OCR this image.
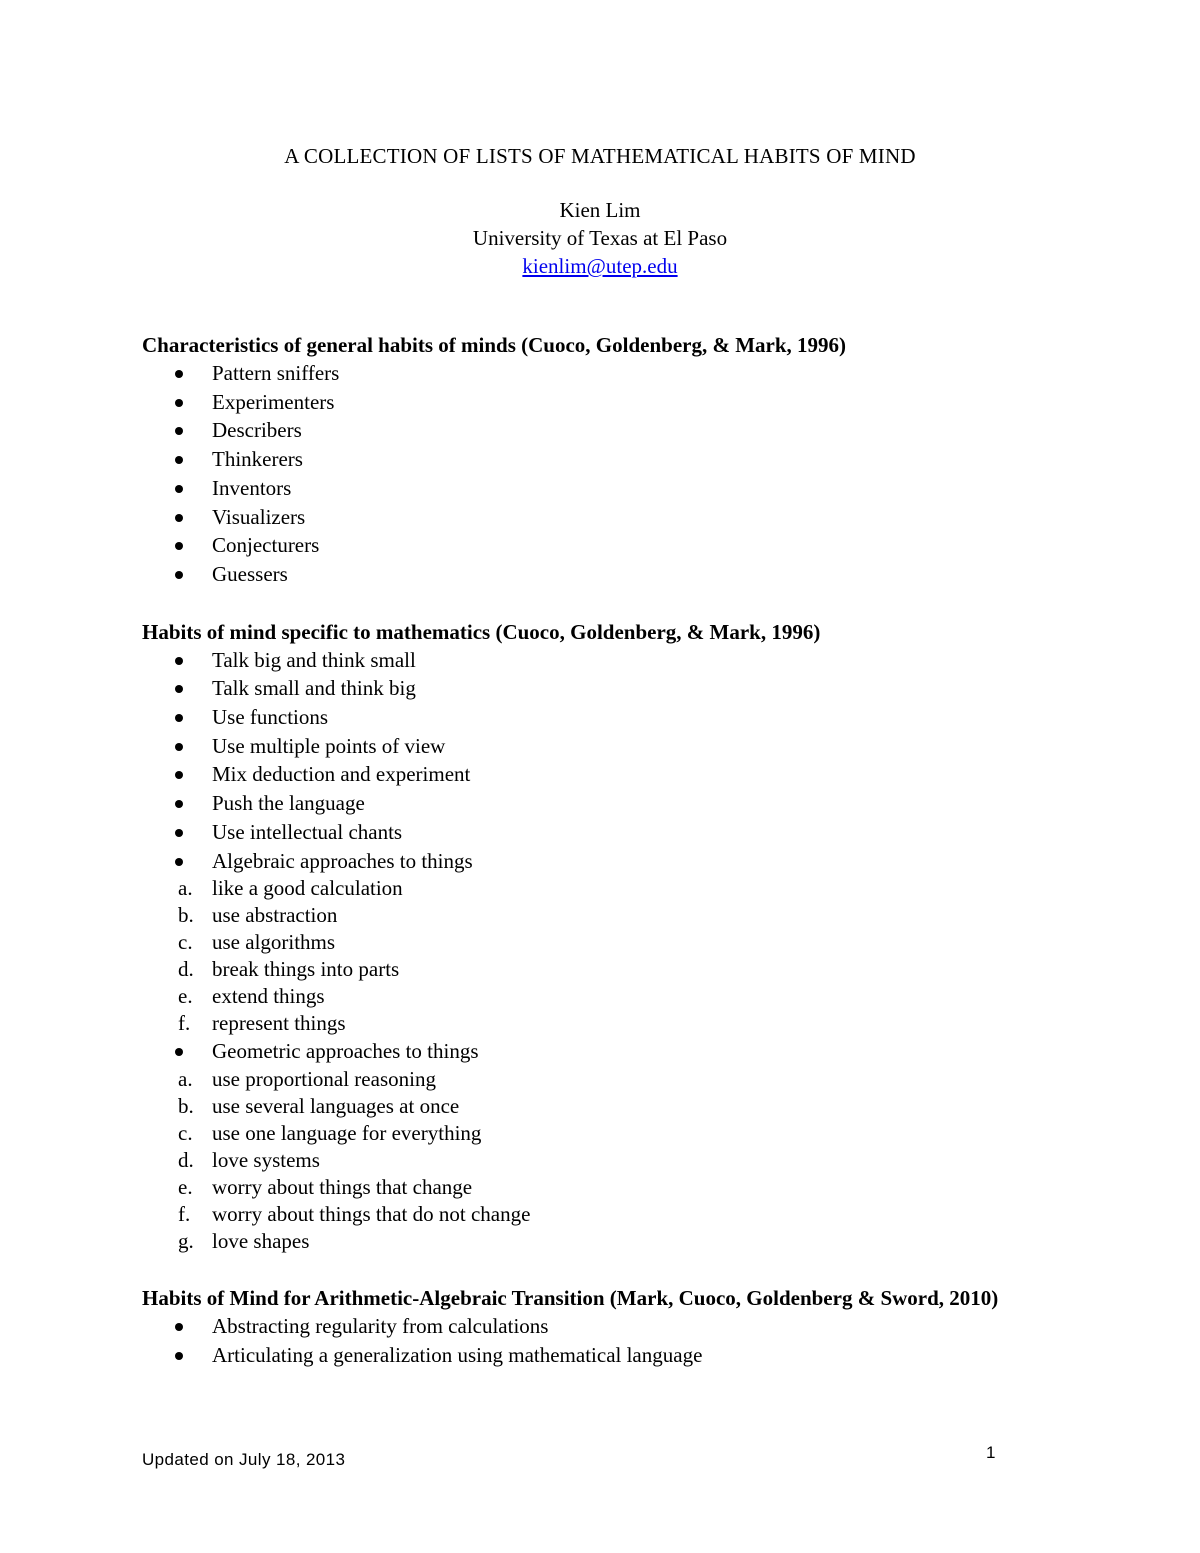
A COLLECTION OF LISTS OF MATHEMATICAL HABITS OF MIND
Kien Lim
University of Texas at El Paso
kienlim@utep.edu
Characteristics of general habits of minds (Cuoco, Goldenberg, & Mark, 1996)
Pattern sniffers
Experimenters
Describers
Thinkerers
Inventors
Visualizers
Conjecturers
Guessers
Habits of mind specific to mathematics (Cuoco, Goldenberg, & Mark, 1996)
Talk big and think small
Talk small and think big
Use functions
Use multiple points of view
Mix deduction and experiment
Push the language
Use intellectual chants
Algebraic approaches to things
a. like a good calculation
b. use abstraction
c. use algorithms
d. break things into parts
e. extend things
f.	represent things
Geometric approaches to things
a. use proportional reasoning
b. use several languages at once
c. use one language for everything
d. love systems
e. worry about things that change
f.	worry about things that do not change
g. love shapes
Habits of Mind for Arithmetic-Algebraic Transition (Mark, Cuoco, Goldenberg & Sword, 2010)
Abstracting regularity from calculations
Articulating a generalization using mathematical language
Updated on July 18, 2013	1
